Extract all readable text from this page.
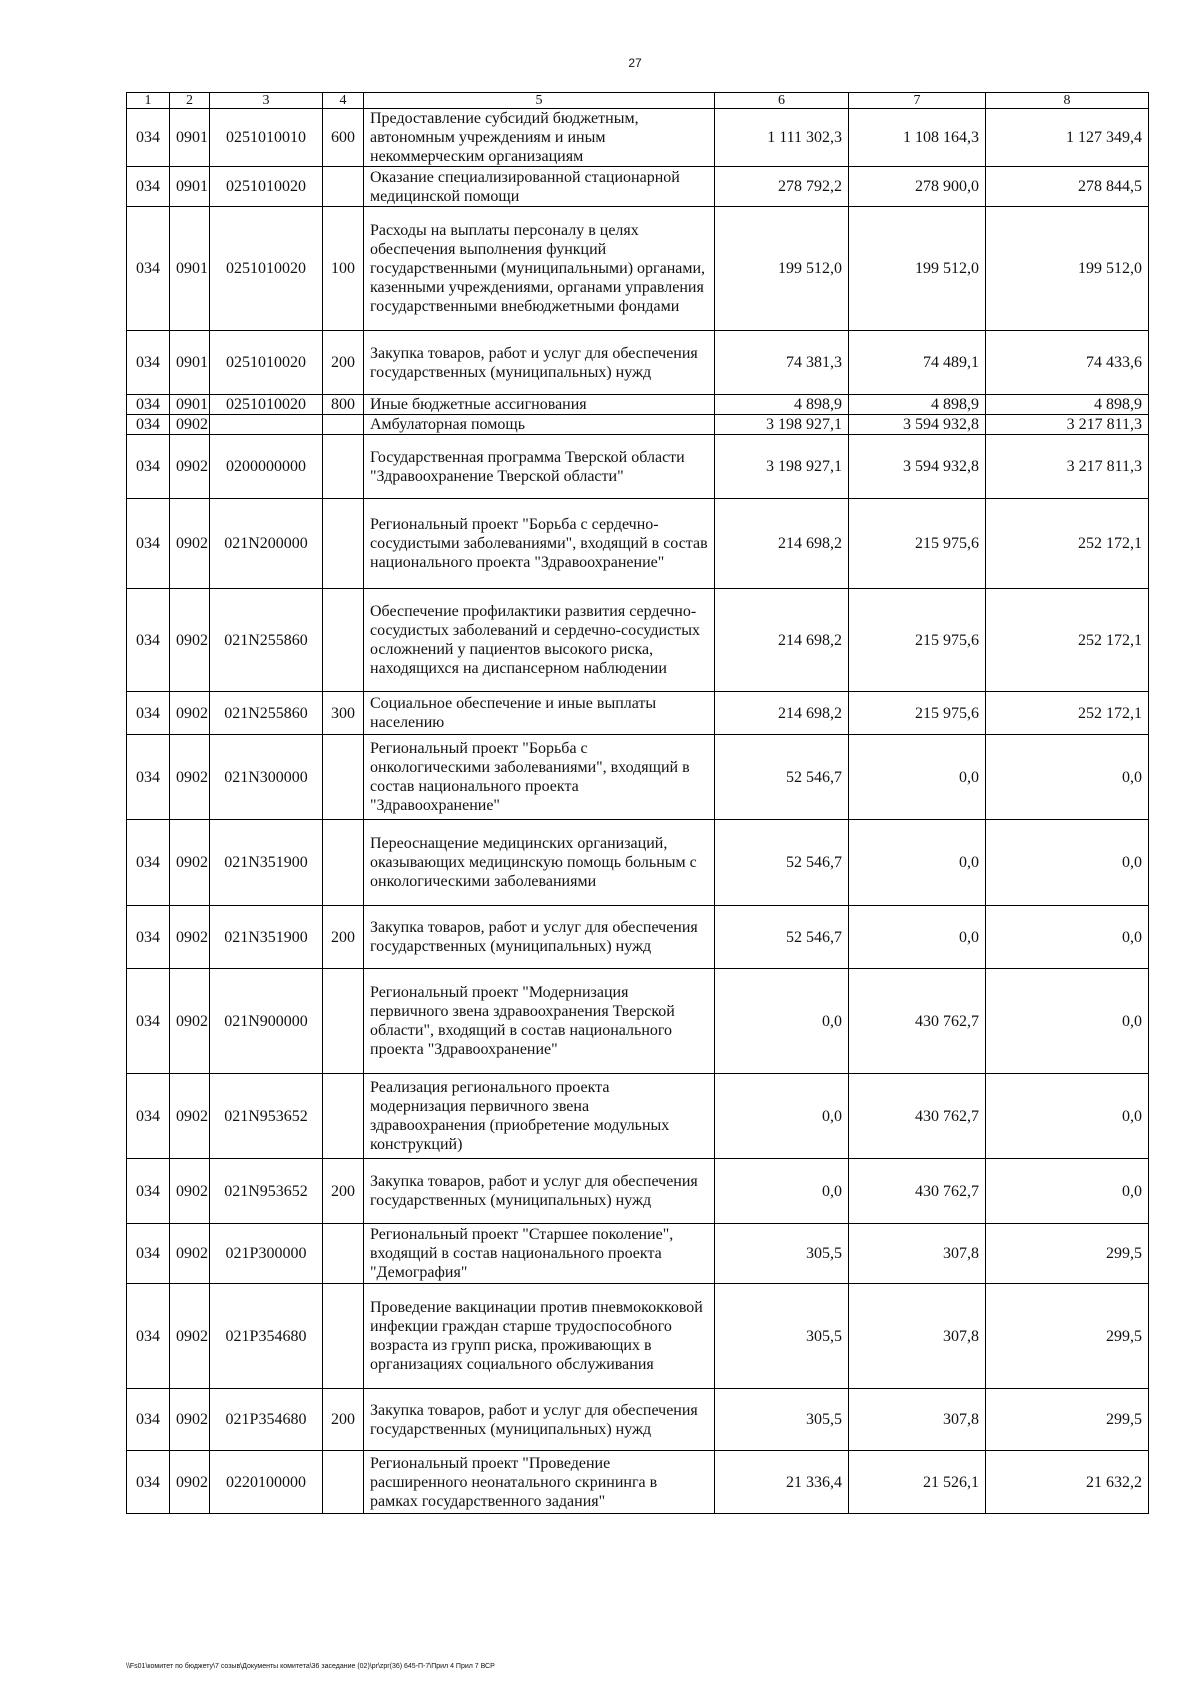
27
1	2	3	4	5	6	7	8
034	0901	0251010010	600	Предоставление субсидий бюджетным, автономным учреждениям и иным некоммерческим организациям	1 111 302,3	1 108 164,3	1 127 349,4
034	0901	0251010020		Оказание специализированной стационарной медицинской помощи	278 792,2	278 900,0	278 844,5
034	0901	0251010020	100	Расходы на выплаты персоналу в целях обеспечения выполнения функций государственными (муниципальными) органами, казенными учреждениями, органами управления государственными внебюджетными фондами	199 512,0	199 512,0	199 512,0
034	0901	0251010020	200	Закупка товаров, работ и услуг для обеспечения государственных (муниципальных) нужд	74 381,3	74 489,1	74 433,6
034	0901	0251010020	800	Иные бюджетные ассигнования	4 898,9	4 898,9	4 898,9
034	0902			Амбулаторная помощь	3 198 927,1	3 594 932,8	3 217 811,3
034	0902	0200000000		Государственная программа Тверской области "Здравоохранение Тверской области"	3 198 927,1	3 594 932,8	3 217 811,3
034	0902	021N200000		Региональный проект "Борьба с сердечно-сосудистыми заболеваниями", входящий в состав национального проекта "Здравоохранение"	214 698,2	215 975,6	252 172,1
034	0902	021N255860		Обеспечение профилактики развития сердечно-сосудистых заболеваний и сердечно-сосудистых осложнений у пациентов высокого риска, находящихся на диспансерном наблюдении	214 698,2	215 975,6	252 172,1
034	0902	021N255860	300	Социальное обеспечение и иные выплаты населению	214 698,2	215 975,6	252 172,1
034	0902	021N300000		Региональный проект "Борьба с онкологическими заболеваниями", входящий в состав национального проекта "Здравоохранение"	52 546,7	0,0	0,0
034	0902	021N351900		Переоснащение медицинских организаций, оказывающих медицинскую помощь больным с онкологическими заболеваниями	52 546,7	0,0	0,0
034	0902	021N351900	200	Закупка товаров, работ и услуг для обеспечения государственных (муниципальных) нужд	52 546,7	0,0	0,0
034	0902	021N900000		Региональный проект "Модернизация первичного звена здравоохранения Тверской области", входящий в состав национального проекта "Здравоохранение"	0,0	430 762,7	0,0
034	0902	021N953652		Реализация регионального проекта модернизация первичного звена здравоохранения (приобретение модульных конструкций)	0,0	430 762,7	0,0
034	0902	021N953652	200	Закупка товаров, работ и услуг для обеспечения государственных (муниципальных) нужд	0,0	430 762,7	0,0
034	0902	021P300000		Региональный проект "Старшее поколение", входящий в состав национального проекта "Демография"	305,5	307,8	299,5
034	0902	021P354680		Проведение вакцинации против пневмококковой инфекции граждан старше трудоспособного возраста из групп риска, проживающих в организациях социального обслуживания	305,5	307,8	299,5
034	0902	021P354680	200	Закупка товаров, работ и услуг для обеспечения государственных (муниципальных) нужд	305,5	307,8	299,5
034	0902	0220100000		Региональный проект "Проведение расширенного неонатального скрининга в рамках государственного задания"	21 336,4	21 526,1	21 632,2
\\Fs01\комитет по бюджету\7 созыв\Документы комитета\36 заседание (02)\pr\zpr(36) 645-П-7\Прил 4 Прил 7 ВСР
